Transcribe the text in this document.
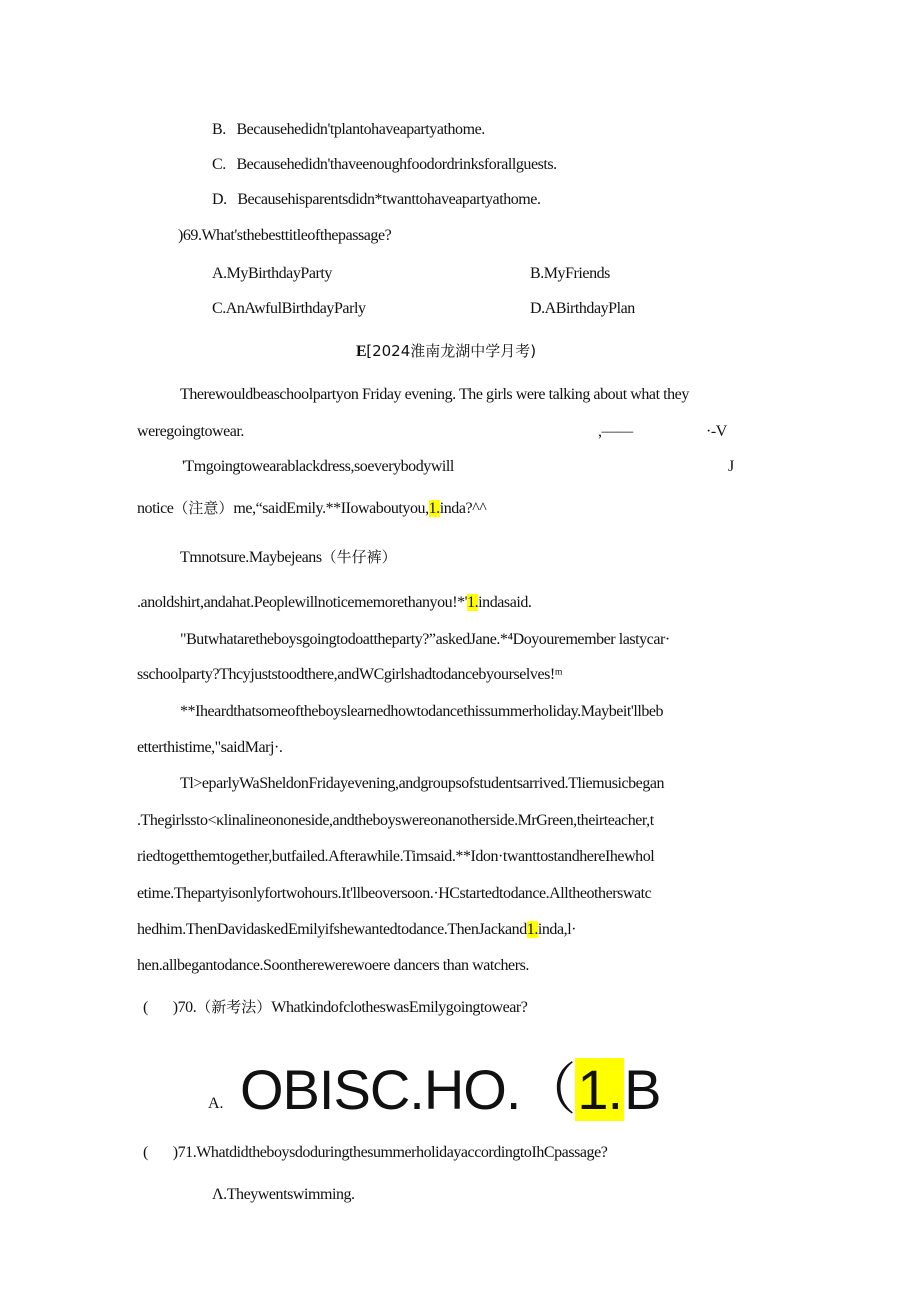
B. Becausehedidn'tplantohaveapartyathome.
C. Becausehedidn'thaveenoughfoodordrinksforallguests.
D. Becausehisparentsdidn*twanttohaveapartyathome.
)69.What'sthebesttitleofthepassage?
A.MyBirthdayParty	B.MyFriends
C.AnAwfulBirthdayParly	D.ABirthdayPlan
E[2024淮南龙湖中学月考)
Therewouldbeaschoolpartyon Friday evening. The girls were talking about what they
weregoingtowear.	,——	·-V
'Tmgoingtowearablackdress,soeverybodywill	J
notice（注意）me,“saidEmily.**IIowaboutyou,1.inda?^^
Tmnotsure.Maybejeans（牛仔裤）
.anoldshirt,andahat.Peoplewillnoticememorethanyou!*'1.indasaid.
"Butwhataretheboysgoingtodoattheparty?”askedJane.*⁴Doyouremember lastycar·
sschoolparty?Thcyjuststoodthere,andWCgirlshadtodancebyourselves!ᵐ
**Iheardthatsomeoftheboyslearnedhowtodancethissummerholiday.Maybeit'llbeb
etterthistime,"saidMarj·.
Tl>eparlyWaSheldonFridayevening,andgroupsofstudentsarrived.Tliemusicbegan
.Thegirlssto<κlinalineononeside,andtheboyswereonanotherside.MrGreen,theirteacher,t
riedtogetthemtogether,butfailed.Afterawhile.Timsaid.**Idon·twanttostandhereIhewhol
etime.Thepartyisonlyfortwohours.It'llbeoversoon.·HCstartedtodance.Alltheotherswatc
hedhim.ThenDavidaskedEmilyifshewantedtodance.ThenJackand1.inda,l·
hen.allbegantodance.Soontherewerewoere dancers than watchers.
( )70.（新考法）WhatkindofclotheswasEmilygoingtowear?
A. OBISC.HO.（1.B
( )71.WhatdidtheboysdoduringthesummerholidayaccordingtoIhCpassage?
Λ.Theywentswimming.
